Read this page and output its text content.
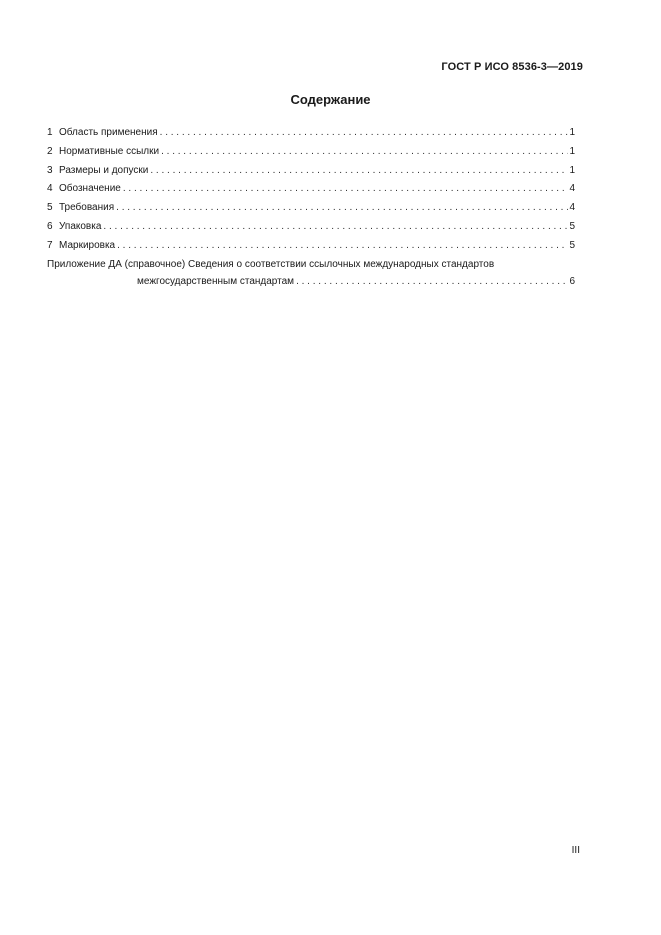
ГОСТ Р ИСО 8536-3—2019
Содержание
1 Область применения . . .	1
2 Нормативные ссылки . . .	1
3 Размеры и допуски . . .	1
4 Обозначение . . .	4
5 Требования . . .	4
6 Упаковка . . .	5
7 Маркировка . . .	5
Приложение ДА (справочное) Сведения о соответствии ссылочных международных стандартов
межгосударственным стандартам . . .	6
III
